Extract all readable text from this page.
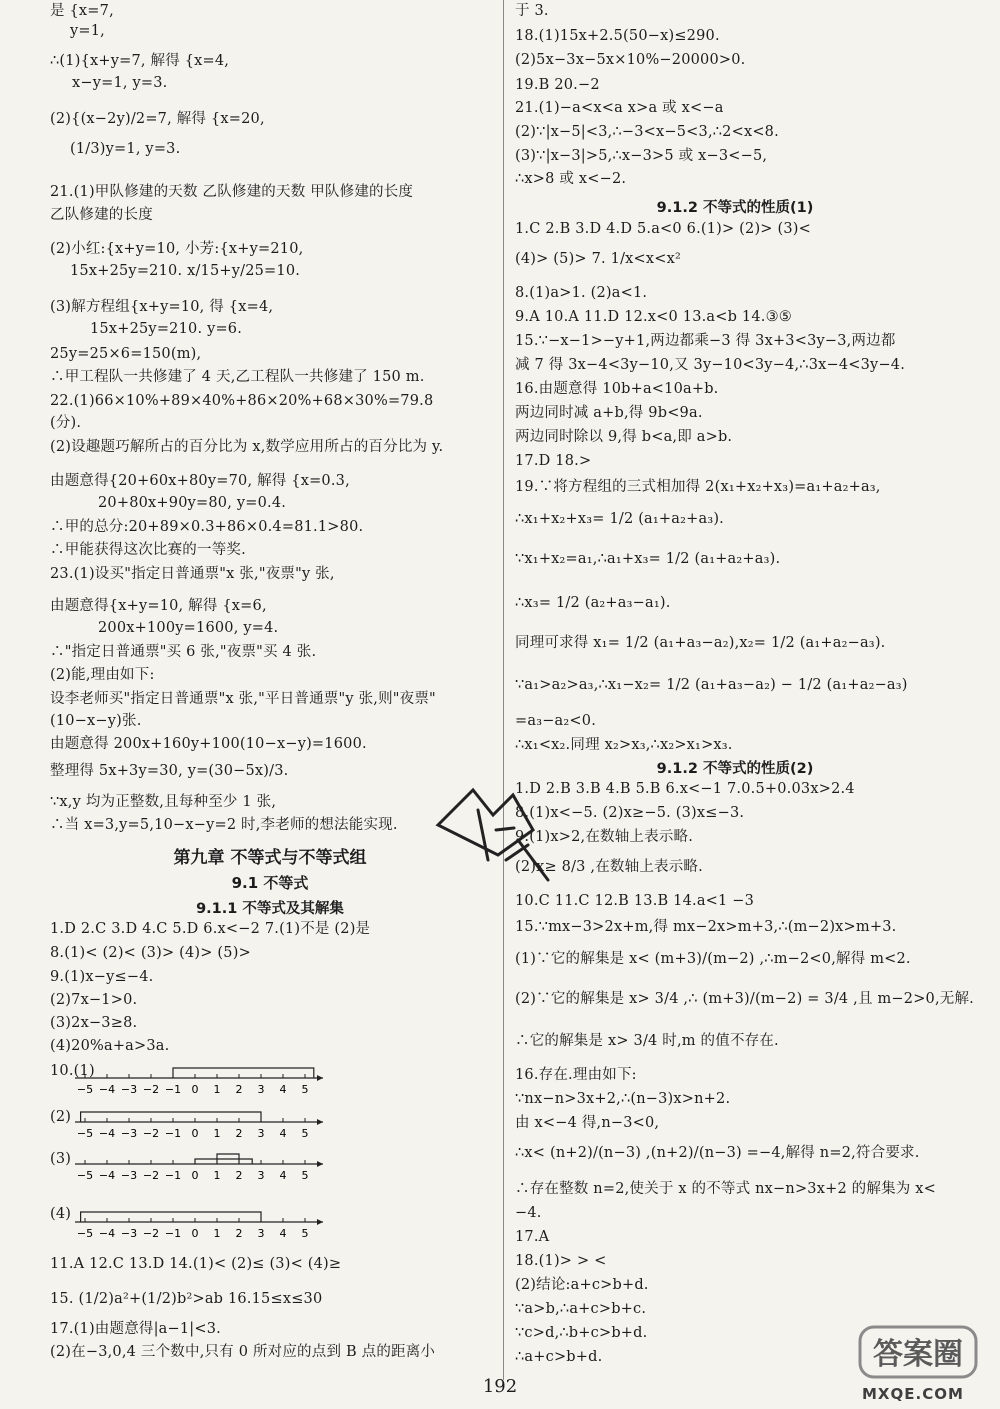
是 {x=7,
y=1,
∴(1){x+y=7, 解得 {x=4,
x−y=1, y=3.
(2){(x−2y)/2=7, 解得 {x=20,
(1/3)y=1, y=3.
21.(1)甲队修建的天数 乙队修建的天数 甲队修建的长度
乙队修建的长度
(2)小红:{x+y=10, 小芳:{x+y=210,
15x+25y=210. x/15+y/25=10.
(3)解方程组{x+y=10, 得 {x=4,
15x+25y=210. y=6.
25y=25×6=150(m),
∴甲工程队一共修建了 4 天,乙工程队一共修建了 150 m.
22.(1)66×10%+89×40%+86×20%+68×30%=79.8
(分).
(2)设趣题巧解所占的百分比为 x,数学应用所占的百分比为 y.
由题意得{20+60x+80y=70, 解得 {x=0.3,
20+80x+90y=80, y=0.4.
∴甲的总分:20+89×0.3+86×0.4=81.1>80.
∴甲能获得这次比赛的一等奖.
23.(1)设买"指定日普通票"x 张,"夜票"y 张,
由题意得{x+y=10, 解得 {x=6,
200x+100y=1600, y=4.
∴"指定日普通票"买 6 张,"夜票"买 4 张.
(2)能,理由如下:
设李老师买"指定日普通票"x 张,"平日普通票"y 张,则"夜票"
(10−x−y)张.
由题意得 200x+160y+100(10−x−y)=1600.
整理得 5x+3y=30, y=(30−5x)/3.
∵x,y 均为正整数,且每种至少 1 张,
∴当 x=3,y=5,10−x−y=2 时,李老师的想法能实现.
第九章 不等式与不等式组
9.1 不等式
9.1.1 不等式及其解集
1.D 2.C 3.D 4.C 5.D 6.x<−2 7.(1)不是 (2)是
8.(1)< (2)< (3)> (4)> (5)>
9.(1)x−y≤−4.
(2)7x−1>0.
(3)2x−3≥8.
(4)20%a+a>3a.
10.(1)
−5 −4 −3 −2 −1 0 1 2 3 4 5
(2)
−5 −4 −3 −2 −1 0 1 2 3 4 5
(3)
−5 −4 −3 −2 −1 0 1 2 3 4 5
(4)
−5 −4 −3 −2 −1 0 1 2 3 4 5
11.A 12.C 13.D 14.(1)< (2)≤ (3)< (4)≥
15. (1/2)a²+(1/2)b²>ab 16.15≤x≤30
17.(1)由题意得|a−1|<3.
(2)在−3,0,4 三个数中,只有 0 所对应的点到 B 点的距离小
于 3.
18.(1)15x+2.5(50−x)≤290.
(2)5x−3x−5x×10%−20000>0.
19.B 20.−2
21.(1)−a<x<a x>a 或 x<−a
(2)∵|x−5|<3,∴−3<x−5<3,∴2<x<8.
(3)∵|x−3|>5,∴x−3>5 或 x−3<−5,
∴x>8 或 x<−2.
9.1.2 不等式的性质(1)
1.C 2.B 3.D 4.D 5.a<0 6.(1)> (2)> (3)<
(4)> (5)> 7. 1/x<x<x²
8.(1)a>1. (2)a<1.
9.A 10.A 11.D 12.x<0 13.a<b 14.③⑤
15.∵−x−1>−y+1,两边都乘−3 得 3x+3<3y−3,两边都
减 7 得 3x−4<3y−10,又 3y−10<3y−4,∴3x−4<3y−4.
16.由题意得 10b+a<10a+b.
两边同时减 a+b,得 9b<9a.
两边同时除以 9,得 b<a,即 a>b.
17.D 18.>
19.∵将方程组的三式相加得 2(x₁+x₂+x₃)=a₁+a₂+a₃,
∴x₁+x₂+x₃= 1/2 (a₁+a₂+a₃).
∵x₁+x₂=a₁,∴a₁+x₃= 1/2 (a₁+a₂+a₃).
∴x₃= 1/2 (a₂+a₃−a₁).
同理可求得 x₁= 1/2 (a₁+a₃−a₂),x₂= 1/2 (a₁+a₂−a₃).
∵a₁>a₂>a₃,∴x₁−x₂= 1/2 (a₁+a₃−a₂) − 1/2 (a₁+a₂−a₃)
=a₃−a₂<0.
∴x₁<x₂.同理 x₂>x₃,∴x₂>x₁>x₃.
9.1.2 不等式的性质(2)
1.D 2.B 3.B 4.B 5.B 6.x<−1 7.0.5+0.03x>2.4
8.(1)x<−5. (2)x≥−5. (3)x≤−3.
9.(1)x>2,在数轴上表示略.
(2)x≥ 8/3 ,在数轴上表示略.
10.C 11.C 12.B 13.B 14.a<1 −3
15.∵mx−3>2x+m,得 mx−2x>m+3,∴(m−2)x>m+3.
(1)∵它的解集是 x< (m+3)/(m−2) ,∴m−2<0,解得 m<2.
(2)∵它的解集是 x> 3/4 ,∴ (m+3)/(m−2) = 3/4 ,且 m−2>0,无解.
∴它的解集是 x> 3/4 时,m 的值不存在.
16.存在.理由如下:
∵nx−n>3x+2,∴(n−3)x>n+2.
由 x<−4 得,n−3<0,
∴x< (n+2)/(n−3) ,(n+2)/(n−3) =−4,解得 n=2,符合要求.
∴存在整数 n=2,使关于 x 的不等式 nx−n>3x+2 的解集为 x<
−4.
17.A
18.(1)> > <
(2)结论:a+c>b+d.
∵a>b,∴a+c>b+c.
∵c>d,∴b+c>b+d.
∴a+c>b+d.	答案圈
MXQE.COM
192
